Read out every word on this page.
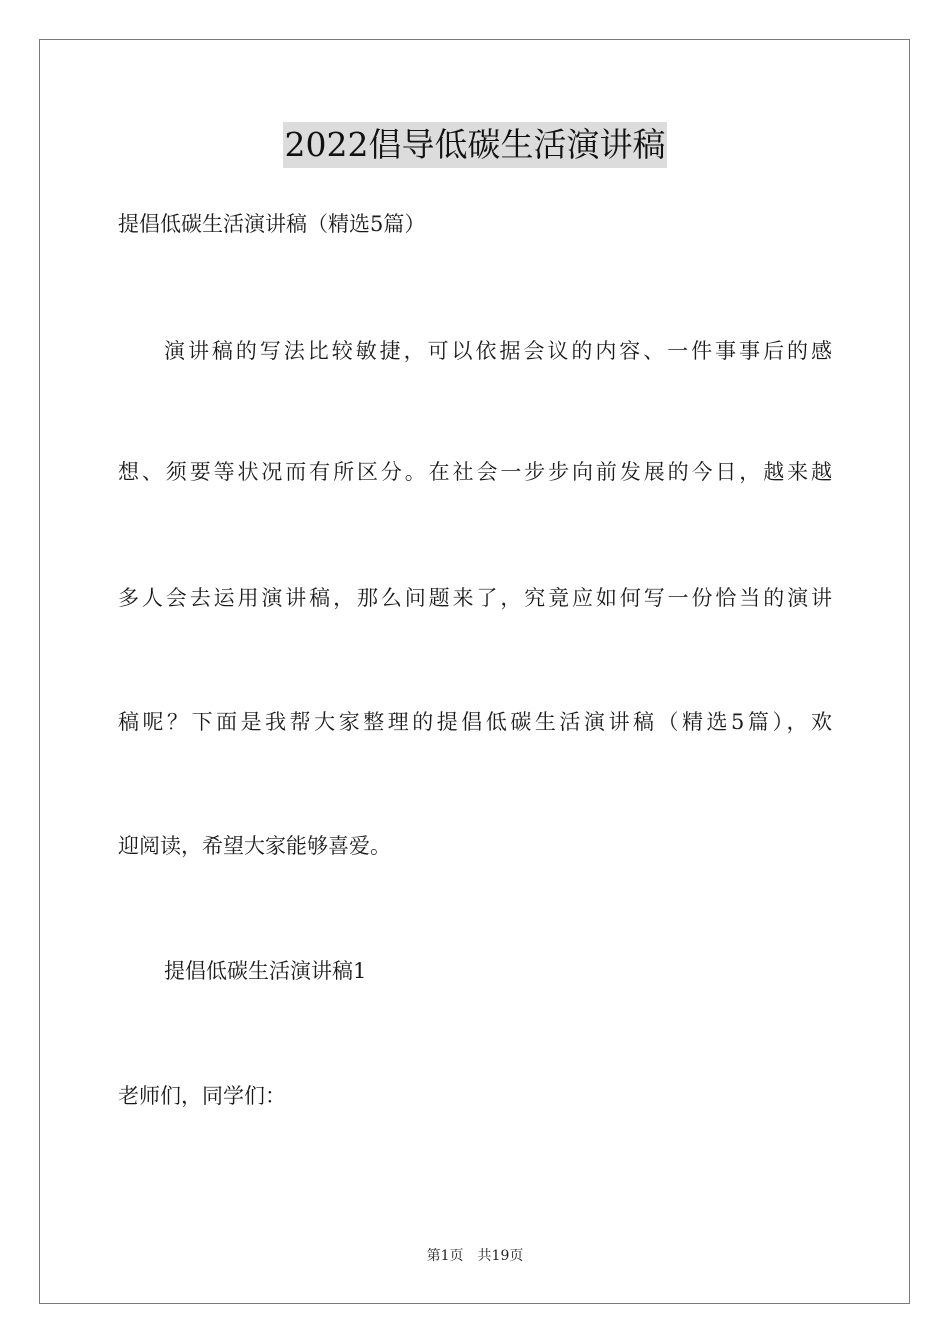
2022倡导低碳生活演讲稿
提倡低碳生活演讲稿（精选5篇）
演讲稿的写法比较敏捷，可以依据会议的内容、一件事事后的感
想、须要等状况而有所区分。在社会一步步向前发展的今日，越来越
多人会去运用演讲稿，那么问题来了，究竟应如何写一份恰当的演讲
稿呢？下面是我帮大家整理的提倡低碳生活演讲稿（精选5篇），欢
迎阅读，希望大家能够喜爱。
提倡低碳生活演讲稿1
老师们，同学们：
第1页 共19页
